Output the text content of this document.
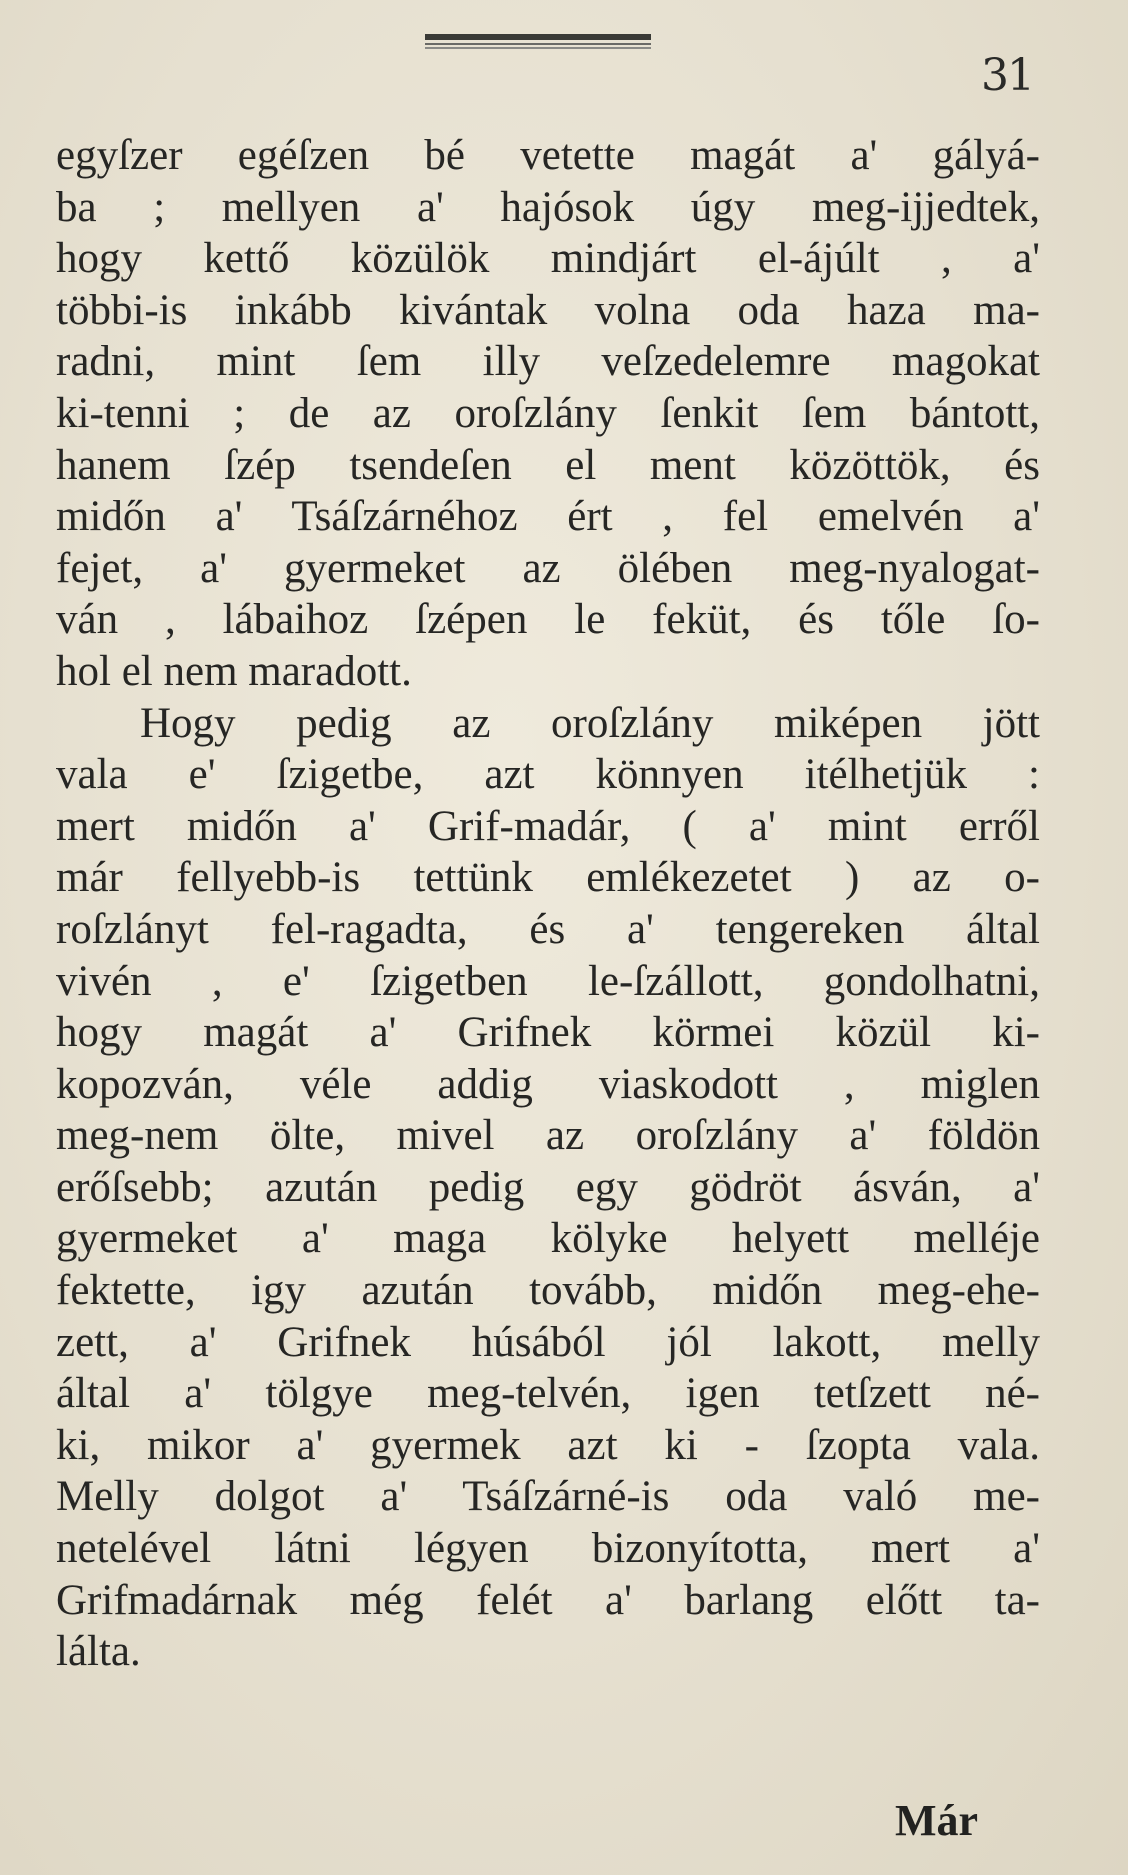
31
egyſzer egéſzen bé vetette magát a' gályá-
ba ; mellyen a' hajósok úgy meg-ijjedtek,
hogy kettő közülök mindjárt el-ájúlt , a'
többi-is inkább kivántak volna oda haza ma-
radni, mint ſem illy veſzedelemre magokat
ki-tenni ; de az oroſzlány ſenkit ſem bántott,
hanem ſzép tsendeſen el ment közöttök, és
midőn a' Tsáſzárnéhoz ért , fel emelvén a'
fejet, a' gyermeket az ölében meg-nyalogat-
ván , lábaihoz ſzépen le feküt, és tőle ſo-
hol el nem maradott.
Hogy pedig az oroſzlány miképen jött
vala e' ſzigetbe, azt könnyen itélhetjük :
mert midőn a' Grif-madár, ( a' mint erről
már fellyebb-is tettünk emlékezetet ) az o-
roſzlányt fel-ragadta, és a' tengereken által
vivén , e' ſzigetben le-ſzállott, gondolhatni,
hogy magát a' Grifnek körmei közül ki-
kopozván, véle addig viaskodott , miglen
meg-nem ölte, mivel az oroſzlány a' földön
erőſsebb; azután pedig egy gödröt ásván, a'
gyermeket a' maga kölyke helyett melléje
fektette, igy azután tovább, midőn meg-ehe-
zett, a' Grifnek húsából jól lakott, melly
által a' tölgye meg-telvén, igen tetſzett né-
ki, mikor a' gyermek azt ki - ſzopta vala.
Melly dolgot a' Tsáſzárné-is oda való me-
netelével látni légyen bizonyította, mert a'
Grifmadárnak még felét a' barlang előtt ta-
lálta.
Már
